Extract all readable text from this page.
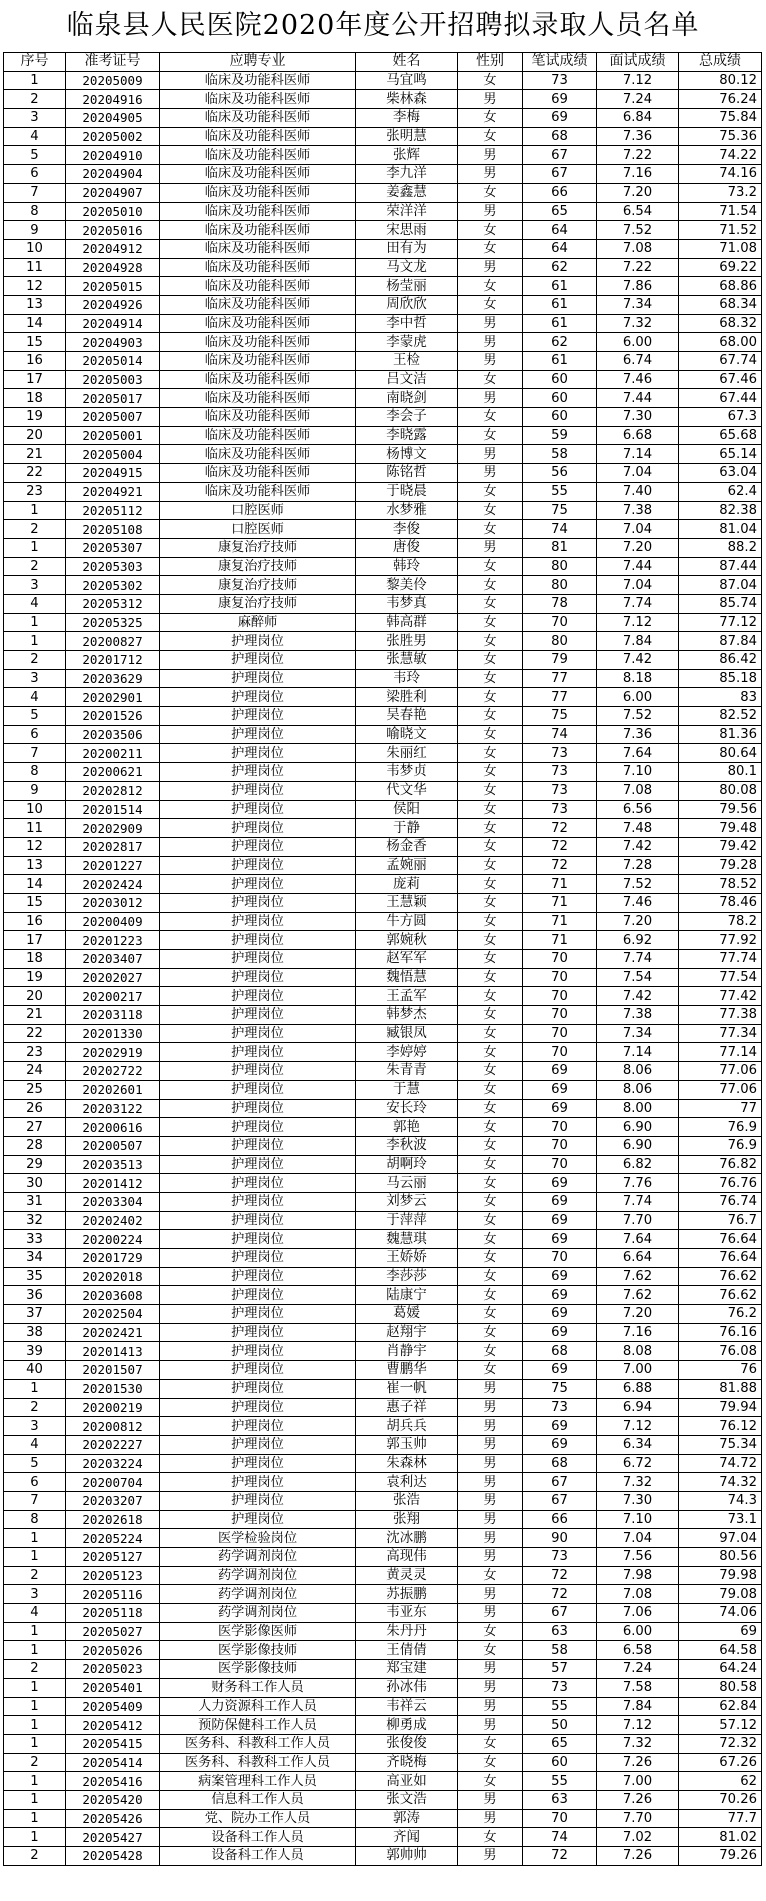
临泉县人民医院2020年度公开招聘拟录取人员名单
序号	准考证号	应聘专业	姓名	性别	笔试成绩	面试成绩	总成绩
1	20205009	临床及功能科医师	马宜鸣	女	73	7.12	80.12
2	20204916	临床及功能科医师	柴林森	男	69	7.24	76.24
3	20204905	临床及功能科医师	李梅	女	69	6.84	75.84
4	20205002	临床及功能科医师	张明慧	女	68	7.36	75.36
5	20204910	临床及功能科医师	张辉	男	67	7.22	74.22
6	20204904	临床及功能科医师	李九洋	男	67	7.16	74.16
7	20204907	临床及功能科医师	姜鑫慧	女	66	7.20	73.2
8	20205010	临床及功能科医师	荣洋洋	男	65	6.54	71.54
9	20205016	临床及功能科医师	宋思雨	女	64	7.52	71.52
10	20204912	临床及功能科医师	田有为	女	64	7.08	71.08
11	20204928	临床及功能科医师	马文龙	男	62	7.22	69.22
12	20205015	临床及功能科医师	杨莹丽	女	61	7.86	68.86
13	20204926	临床及功能科医师	周欣欣	女	61	7.34	68.34
14	20204914	临床及功能科医师	李中哲	男	61	7.32	68.32
15	20204903	临床及功能科医师	李蒙虎	男	62	6.00	68.00
16	20205014	临床及功能科医师	王检	男	61	6.74	67.74
17	20205003	临床及功能科医师	吕文洁	女	60	7.46	67.46
18	20205017	临床及功能科医师	南晓剑	男	60	7.44	67.44
19	20205007	临床及功能科医师	李会子	女	60	7.30	67.3
20	20205001	临床及功能科医师	李晓露	女	59	6.68	65.68
21	20205004	临床及功能科医师	杨博文	男	58	7.14	65.14
22	20204915	临床及功能科医师	陈铭哲	男	56	7.04	63.04
23	20204921	临床及功能科医师	于晓晨	女	55	7.40	62.4
1	20205112	口腔医师	水梦雅	女	75	7.38	82.38
2	20205108	口腔医师	李俊	女	74	7.04	81.04
1	20205307	康复治疗技师	唐俊	男	81	7.20	88.2
2	20205303	康复治疗技师	韩玲	女	80	7.44	87.44
3	20205302	康复治疗技师	黎美伶	女	80	7.04	87.04
4	20205312	康复治疗技师	韦梦真	女	78	7.74	85.74
1	20205325	麻醉师	韩高群	女	70	7.12	77.12
1	20200827	护理岗位	张胜男	女	80	7.84	87.84
2	20201712	护理岗位	张慧敏	女	79	7.42	86.42
3	20203629	护理岗位	韦玲	女	77	8.18	85.18
4	20202901	护理岗位	梁胜利	女	77	6.00	83
5	20201526	护理岗位	吴春艳	女	75	7.52	82.52
6	20203506	护理岗位	喻晓文	女	74	7.36	81.36
7	20200211	护理岗位	朱丽红	女	73	7.64	80.64
8	20200621	护理岗位	韦梦贞	女	73	7.10	80.1
9	20202812	护理岗位	代文华	女	73	7.08	80.08
10	20201514	护理岗位	侯阳	女	73	6.56	79.56
11	20202909	护理岗位	于静	女	72	7.48	79.48
12	20202817	护理岗位	杨金香	女	72	7.42	79.42
13	20201227	护理岗位	孟婉丽	女	72	7.28	79.28
14	20202424	护理岗位	庞莉	女	71	7.52	78.52
15	20203012	护理岗位	王慧颖	女	71	7.46	78.46
16	20200409	护理岗位	牛方圆	女	71	7.20	78.2
17	20201223	护理岗位	郭婉秋	女	71	6.92	77.92
18	20203407	护理岗位	赵军军	女	70	7.74	77.74
19	20202027	护理岗位	魏悟慧	女	70	7.54	77.54
20	20200217	护理岗位	王孟军	女	70	7.42	77.42
21	20203118	护理岗位	韩梦杰	女	70	7.38	77.38
22	20201330	护理岗位	臧银凤	女	70	7.34	77.34
23	20202919	护理岗位	李婷婷	女	70	7.14	77.14
24	20202722	护理岗位	朱青青	女	69	8.06	77.06
25	20202601	护理岗位	于慧	女	69	8.06	77.06
26	20203122	护理岗位	安长玲	女	69	8.00	77
27	20200616	护理岗位	郭艳	女	70	6.90	76.9
28	20200507	护理岗位	李秋波	女	70	6.90	76.9
29	20203513	护理岗位	胡啊玲	女	70	6.82	76.82
30	20201412	护理岗位	马云丽	女	69	7.76	76.76
31	20203304	护理岗位	刘梦云	女	69	7.74	76.74
32	20202402	护理岗位	于萍萍	女	69	7.70	76.7
33	20200224	护理岗位	魏慧琪	女	69	7.64	76.64
34	20201729	护理岗位	王娇娇	女	70	6.64	76.64
35	20202018	护理岗位	李莎莎	女	69	7.62	76.62
36	20203608	护理岗位	陆康宁	女	69	7.62	76.62
37	20202504	护理岗位	葛媛	女	69	7.20	76.2
38	20202421	护理岗位	赵翔宇	女	69	7.16	76.16
39	20201413	护理岗位	肖静宇	女	68	8.08	76.08
40	20201507	护理岗位	曹鹏华	女	69	7.00	76
1	20201530	护理岗位	崔一帆	男	75	6.88	81.88
2	20200219	护理岗位	惠子祥	男	73	6.94	79.94
3	20200812	护理岗位	胡兵兵	男	69	7.12	76.12
4	20202227	护理岗位	郭玉帅	男	69	6.34	75.34
5	20203224	护理岗位	朱森林	男	68	6.72	74.72
6	20200704	护理岗位	袁利达	男	67	7.32	74.32
7	20203207	护理岗位	张浩	男	67	7.30	74.3
8	20202618	护理岗位	张翔	男	66	7.10	73.1
1	20205224	医学检验岗位	沈冰鹏	男	90	7.04	97.04
1	20205127	药学调剂岗位	高现伟	男	73	7.56	80.56
2	20205123	药学调剂岗位	黄灵灵	女	72	7.98	79.98
3	20205116	药学调剂岗位	苏振鹏	男	72	7.08	79.08
4	20205118	药学调剂岗位	韦亚东	男	67	7.06	74.06
1	20205027	医学影像医师	朱丹丹	女	63	6.00	69
1	20205026	医学影像技师	王倩倩	女	58	6.58	64.58
2	20205023	医学影像技师	郑宝建	男	57	7.24	64.24
1	20205401	财务科工作人员	孙冰伟	男	73	7.58	80.58
1	20205409	人力资源科工作人员	韦祥云	男	55	7.84	62.84
1	20205412	预防保健科工作人员	柳勇成	男	50	7.12	57.12
1	20205415	医务科、科教科工作人员	张俊俊	女	65	7.32	72.32
2	20205414	医务科、科教科工作人员	齐晓梅	女	60	7.26	67.26
1	20205416	病案管理科工作人员	高亚如	女	55	7.00	62
1	20205420	信息科工作人员	张文浩	男	63	7.26	70.26
1	20205426	党、院办工作人员	郭涛	男	70	7.70	77.7
1	20205427	设备科工作人员	齐闻	女	74	7.02	81.02
2	20205428	设备科工作人员	郭帅帅	男	72	7.26	79.26
